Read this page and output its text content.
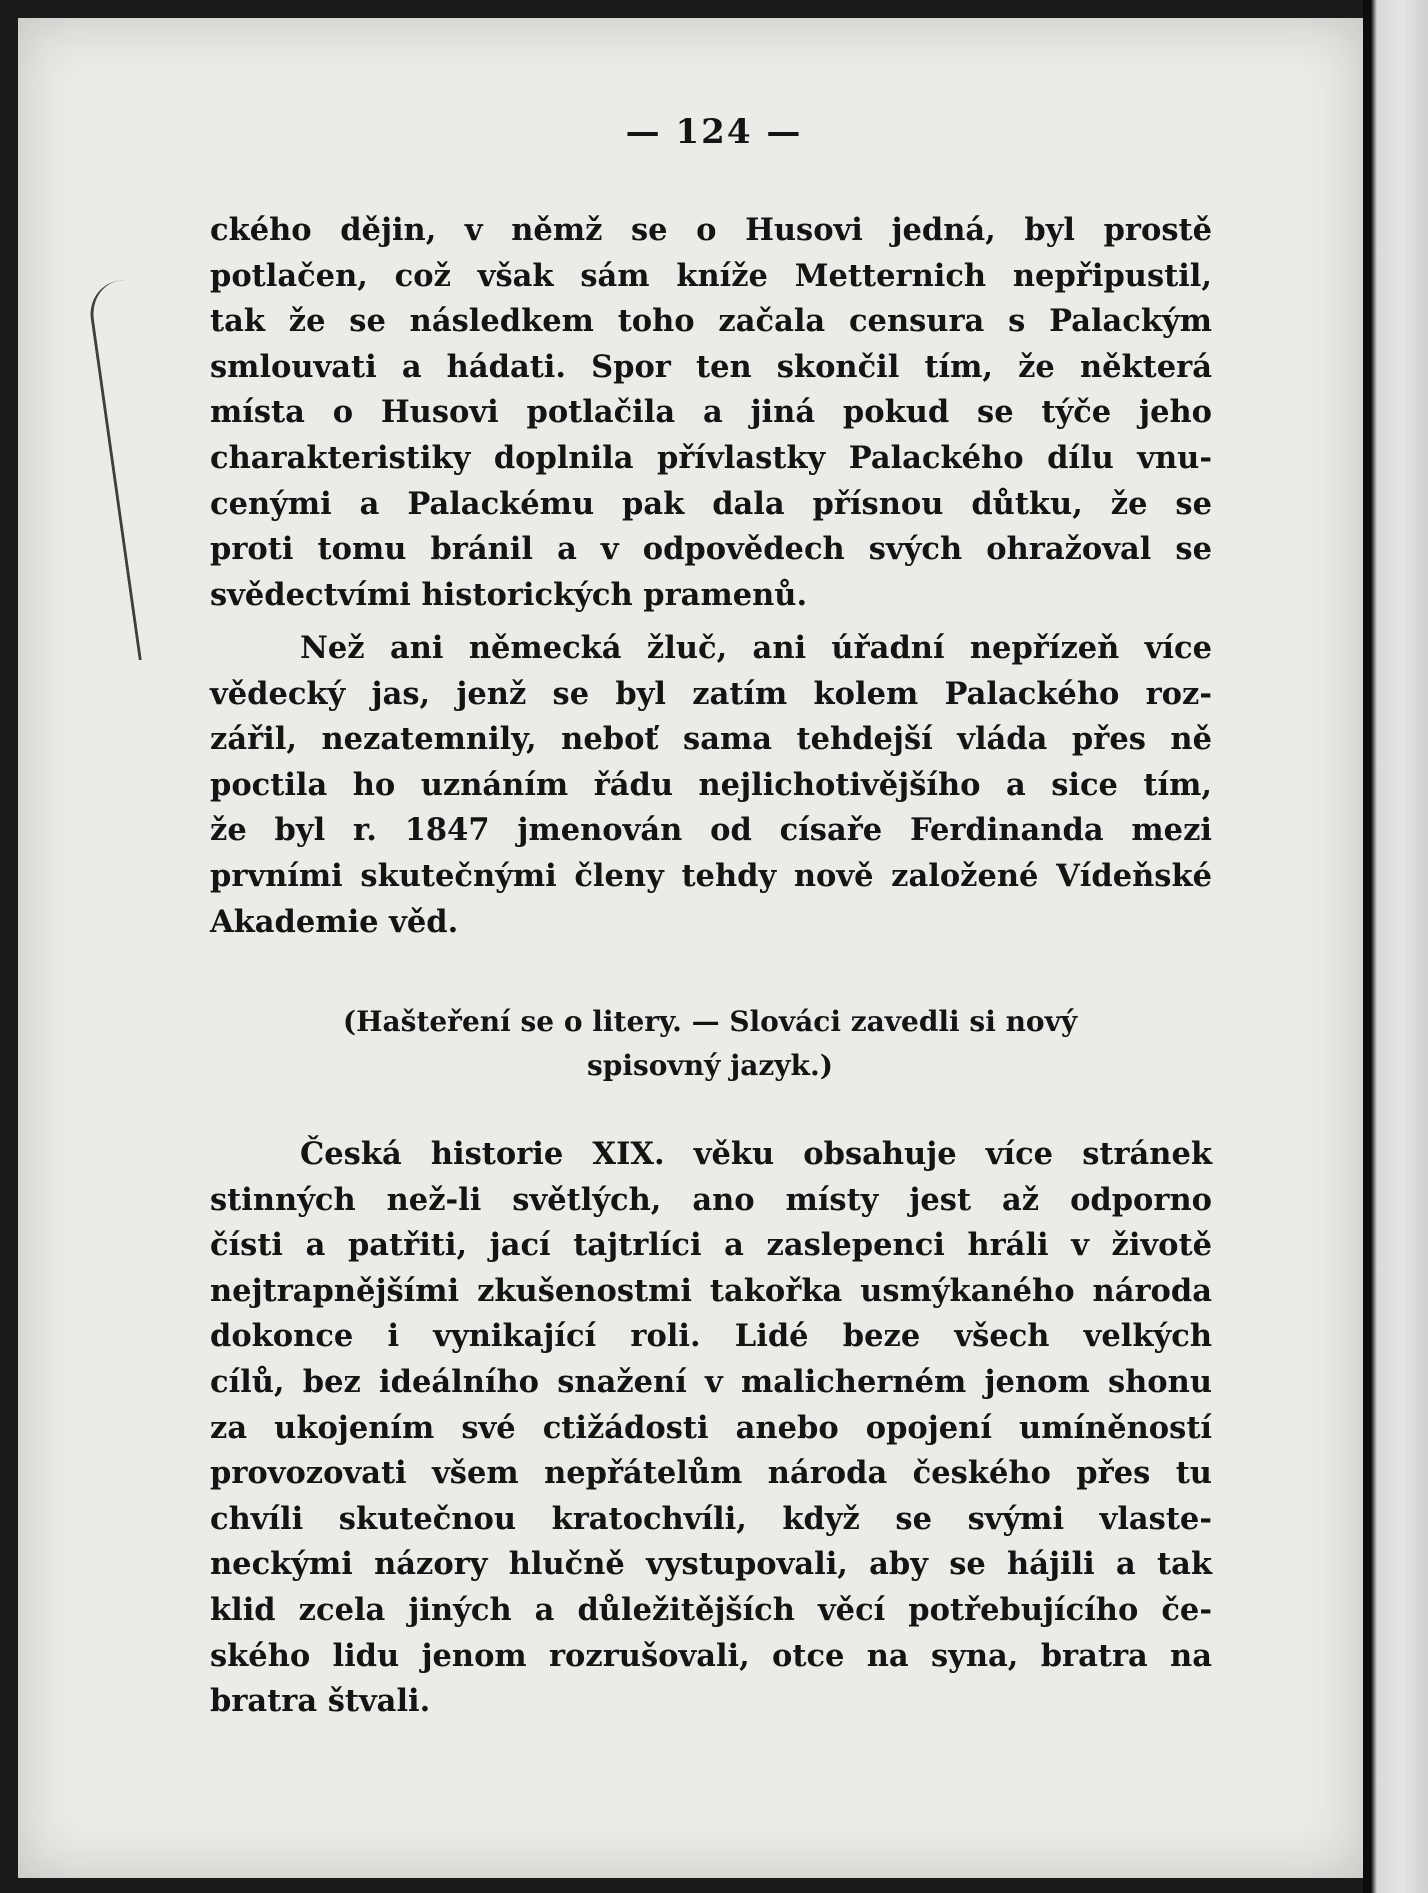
— 124 —
ckého dějin, v němž se o Husovi jedná, byl prostě
potlačen, což však sám kníže Metternich nepřipustil,
tak že se následkem toho začala censura s Palackým
smlouvati a hádati. Spor ten skončil tím, že některá
místa o Husovi potlačila a jiná pokud se týče jeho
charakteristiky doplnila přívlastky Palackého dílu vnu-
cenými a Palackému pak dala přísnou důtku, že se
proti tomu bránil a v odpovědech svých ohražoval se
svědectvími historických pramenů.
Než ani německá žluč, ani úřadní nepřízeň více
vědecký jas, jenž se byl zatím kolem Palackého roz-
zářil, nezatemnily, neboť sama tehdejší vláda přes ně
poctila ho uznáním řádu nejlichotivějšího a sice tím,
že byl r. 1847 jmenován od císaře Ferdinanda mezi
prvními skutečnými členy tehdy nově založené Vídeňské
Akademie věd.
(Hašteření se o litery. — Slováci zavedli si nový
spisovný jazyk.)
Česká historie XIX. věku obsahuje více stránek
stinných než-li světlých, ano místy jest až odporno
čísti a patřiti, jací tajtrlíci a zaslepenci hráli v životě
nejtrapnějšími zkušenostmi takořka usmýkaného národa
dokonce i vynikající roli. Lidé beze všech velkých
cílů, bez ideálního snažení v malicherném jenom shonu
za ukojením své ctižádosti anebo opojení umíněností
provozovati všem nepřátelům národa českého přes tu
chvíli skutečnou kratochvíli, když se svými vlaste-
neckými názory hlučně vystupovali, aby se hájili a tak
klid zcela jiných a důležitějších věcí potřebujícího če-
ského lidu jenom rozrušovali, otce na syna, bratra na
bratra štvali.
